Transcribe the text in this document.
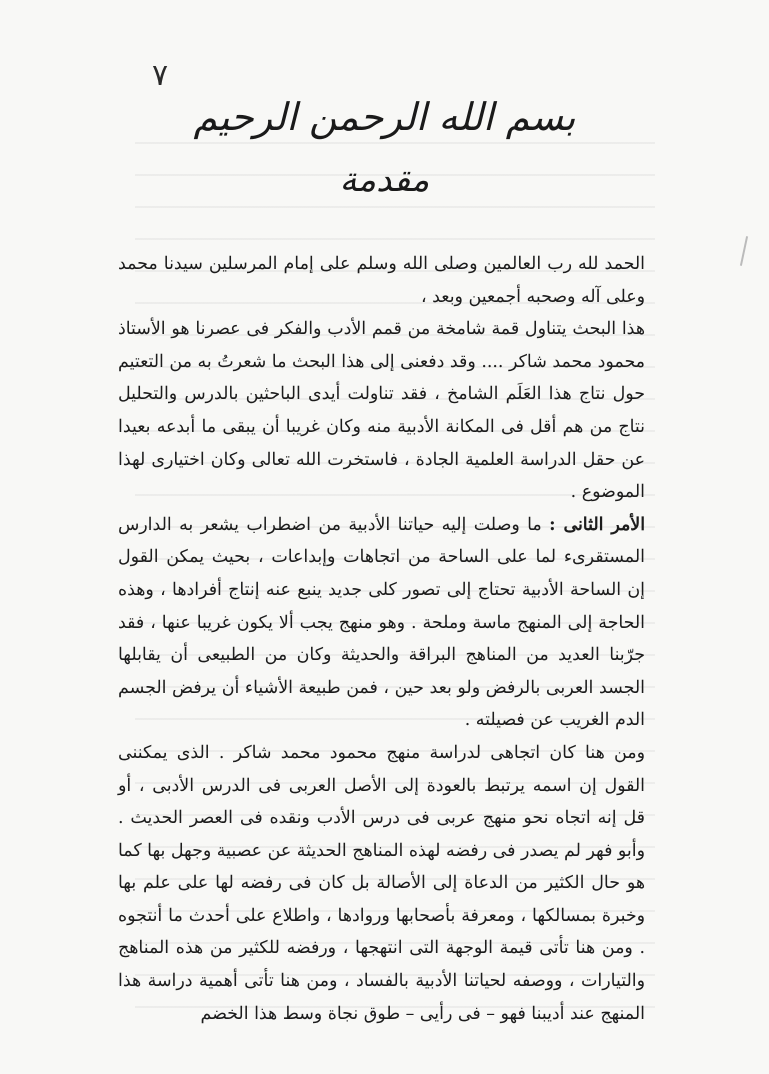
٧
بسم الله الرحمن الرحيم
مقدمة

الحمد لله رب العالمين وصلى الله وسلم على إمام المرسلين سيدنا محمد وعلى آله وصحبه أجمعين وبعد ،

هذا البحث يتناول قمة شامخة من قمم الأدب والفكر فى عصرنا هو الأستاذ محمود محمد شاكر .... وقد دفعنى إلى هذا البحث ما شعرتُ به من التعتيم حول نتاج هذا العَلَم الشامخ ، فقد تناولت أيدى الباحثين بالدرس والتحليل نتاج من هم أقل فى المكانة الأدبية منه وكان غريبا أن يبقى ما أبدعه بعيدا عن حقل الدراسة العلمية الجادة ، فاستخرت الله تعالى وكان اختيارى لهذا الموضوع .

الأمر الثانى : ما وصلت إليه حياتنا الأدبية من اضطراب يشعر به الدارس المستقرىء لما على الساحة من اتجاهات وإبداعات ، بحيث يمكن القول إن الساحة الأدبية تحتاج إلى تصور كلى جديد ينبع عنه إنتاج أفرادها ، وهذه الحاجة إلى المنهج ماسة وملحة . وهو منهج يجب ألا يكون غريبا عنها ، فقد جرّبنا العديد من المناهج البراقة والحديثة وكان من الطبيعى أن يقابلها الجسد العربى بالرفض ولو بعد حين ، فمن طبيعة الأشياء أن يرفض الجسم الدم الغريب عن فصيلته .

ومن هنا كان اتجاهى لدراسة منهج محمود محمد شاكر . الذى يمكننى القول إن اسمه يرتبط بالعودة إلى الأصل العربى فى الدرس الأدبى ، أو قل إنه اتجاه نحو منهج عربى فى درس الأدب ونقده فى العصر الحديث . وأبو فهر لم يصدر فى رفضه لهذه المناهج الحديثة عن عصبية وجهل بها كما هو حال الكثير من الدعاة إلى الأصالة بل كان فى رفضه لها على علم بها وخبرة بمسالكها ، ومعرفة بأصحابها وروادها ، واطلاع على أحدث ما أنتجوه . ومن هنا تأتى قيمة الوجهة التى انتهجها ، ورفضه للكثير من هذه المناهج والتيارات ، ووصفه لحياتنا الأدبية بالفساد ، ومن هنا تأتى أهمية دراسة هذا المنهج عند أديبنا فهو – فى رأيى – طوق نجاة وسط هذا الخضم
